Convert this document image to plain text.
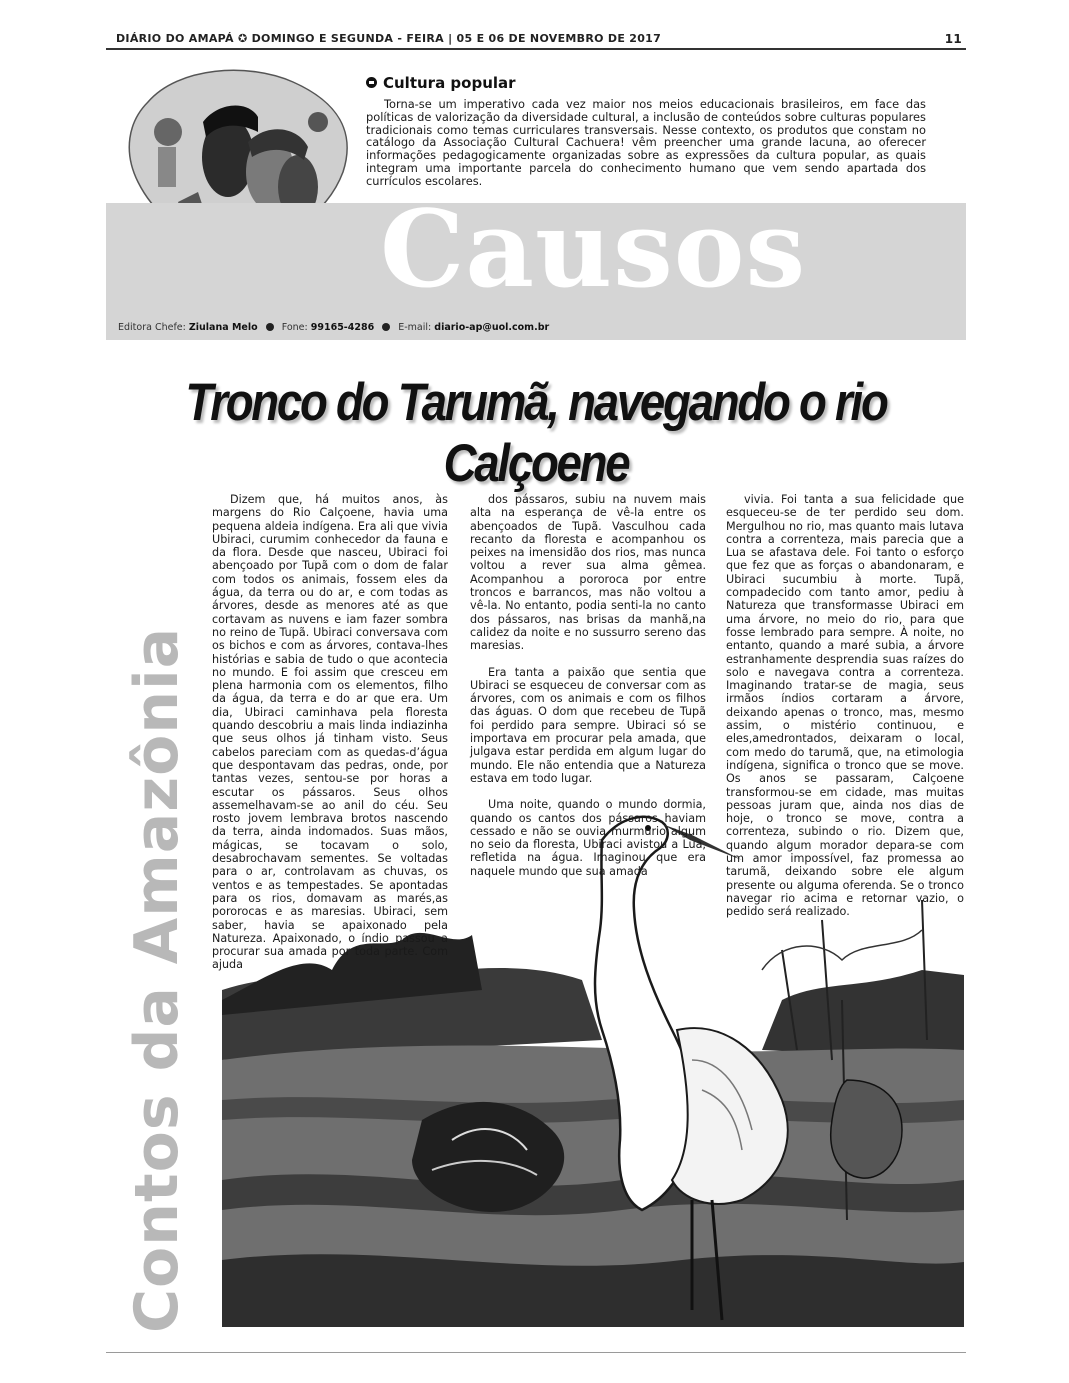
DIÁRIO DO AMAPÁ ✪ DOMINGO E SEGUNDA - FEIRA | 05 E 06 DE NOVEMBRO DE 2017	11
Cultura popular

Torna-se um imperativo cada vez maior nos meios educacionais brasileiros, em face das políticas de valorização da diversidade cultural, a inclusão de conteúdos sobre culturas populares tradicionais como temas curriculares transversais. Nesse contexto, os produtos que constam no catálogo da Associação Cultural Cachuera! vêm preencher uma grande lacuna, ao oferecer informações pedagogicamente organizadas sobre as expressões da cultura popular, as quais integram uma importante parcela do conhecimento humano que vem sendo apartada dos currículos escolares.

Causos
Editora Chefe: Ziulana Melo	Fone: 99165-4286	E-mail: diario-ap@uol.com.br
Tronco do Tarumã, navegando o rio Calçoene
Contos da Amazônia

Dizem que, há muitos anos, às margens do Rio Calçoene, havia uma pequena aldeia indígena. Era ali que vivia Ubiraci, curumim conhecedor da fauna e da flora. Desde que nasceu, Ubiraci foi abençoado por Tupã com o dom de falar com todos os animais, fossem eles da água, da terra ou do ar, e com todas as árvores, desde as menores até as que cortavam as nuvens e iam fazer sombra no reino de Tupã. Ubiraci conversava com os bichos e com as árvores, contava-lhes histórias e sabia de tudo o que acontecia no mundo. E foi assim que cresceu em plena harmonia com os elementos, filho da água, da terra e do ar que era. Um dia, Ubiraci caminhava pela floresta quando descobriu a mais linda indiazinha que seus olhos já tinham visto. Seus cabelos pareciam com as quedas-d’água que despontavam das pedras, onde, por tantas vezes, sentou-se por horas a escutar os pássaros. Seus olhos assemelhavam-se ao anil do céu. Seu rosto jovem lembrava brotos nascendo da terra, ainda indomados. Suas mãos, mágicas, se tocavam o solo, desabrochavam sementes. Se voltadas para o ar, controlavam as chuvas, os ventos e as tempestades. Se apontadas para os rios, domavam as marés,as pororocas e as maresias. Ubiraci, sem saber, havia se apaixonado pela Natureza. Apaixonado, o índio passou a procurar sua amada por toda parte. Com ajuda

dos pássaros, subiu na nuvem mais alta na esperança de vê-la entre os abençoados de Tupã. Vasculhou cada recanto da floresta e acompanhou os peixes na imensidão dos rios, mas nunca voltou a rever sua alma gêmea. Acompanhou a pororoca por entre troncos e barrancos, mas não voltou a vê-la. No entanto, podia senti-la no canto dos pássaros, nas brisas da manhã,na calidez da noite e no sussurro sereno das maresias.

Era tanta a paixão que sentia que Ubiraci se esqueceu de conversar com as árvores, com os animais e com os filhos das águas. O dom que recebeu de Tupã foi perdido para sempre. Ubiraci só se importava em procurar pela amada, que julgava estar perdida em algum lugar do mundo. Ele não entendia que a Natureza estava em todo lugar.

Uma noite, quando o mundo dormia, quando os cantos dos pássaros haviam cessado e não se ouvia murmúrio algum no seio da floresta, Ubiraci avistou a Lua, refletida na água. Imaginou que era naquele mundo que sua amada

vivia. Foi tanta a sua felicidade que esqueceu-se de ter perdido seu dom. Mergulhou no rio, mas quanto mais lutava contra a correnteza, mais parecia que a Lua se afastava dele. Foi tanto o esforço que fez que as forças o abandonaram, e Ubiraci sucumbiu à morte. Tupã, compadecido com tanto amor, pediu à Natureza que transformasse Ubiraci em uma árvore, no meio do rio, para que fosse lembrado para sempre. À noite, no entanto, quando a maré subia, a árvore estranhamente desprendia suas raízes do solo e navegava contra a correnteza. Imaginando tratar-se de magia, seus irmãos índios cortaram a árvore, deixando apenas o tronco, mas, mesmo assim, o mistério continuou, e eles,amedrontados, deixaram o local, com medo do tarumã, que, na etimologia indígena, significa o tronco que se move. Os anos se passaram, Calçoene transformou-se em cidade, mas muitas pessoas juram que, ainda nos dias de hoje, o tronco se move, contra a correnteza, subindo o rio. Dizem que, quando algum morador depara-se com um amor impossível, faz promessa ao tarumã, deixando sobre ele algum presente ou alguma oferenda. Se o tronco navegar rio acima e retornar vazio, o pedido será realizado.
